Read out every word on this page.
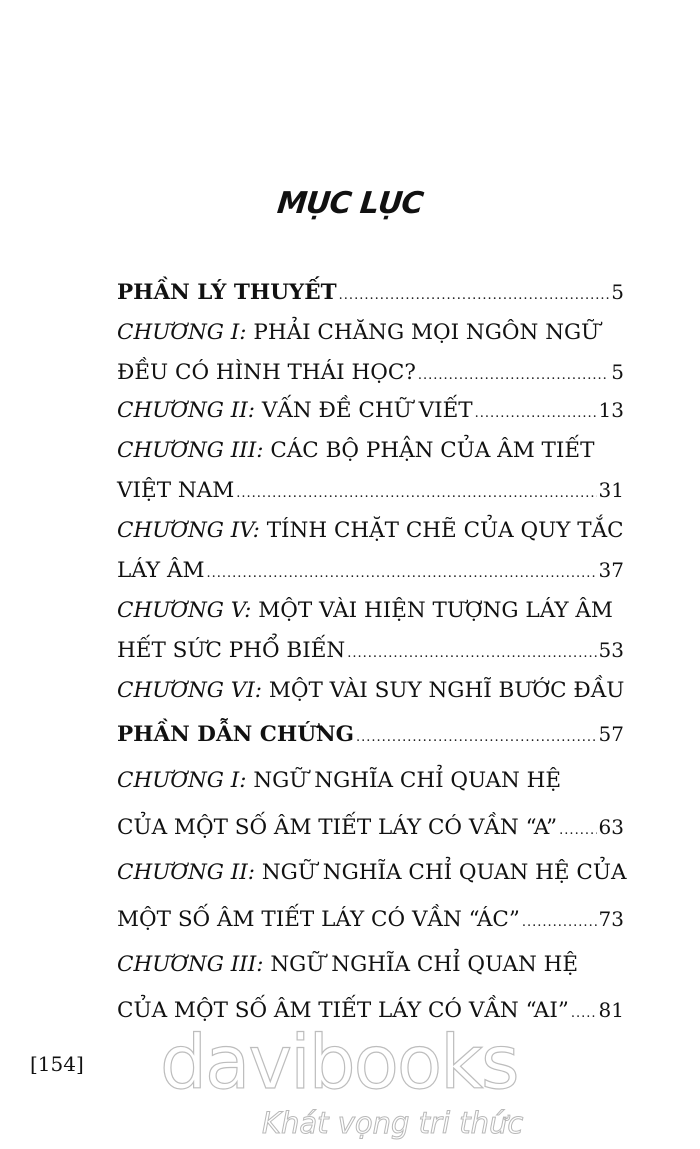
MỤC LỤC
PHẦN LÝ THUYẾT .....	5
CHƯƠNG I: PHẢI CHĂNG MỌI NGÔN NGỮ
ĐỀU CÓ HÌNH THÁI HỌC? .....	5
CHƯƠNG II: VẤN ĐỀ CHỮ VIẾT .....	13
CHƯƠNG III: CÁC BỘ PHẬN CỦA ÂM TIẾT
VIỆT NAM .....	31
CHƯƠNG IV: TÍNH CHẶT CHẼ CỦA QUY TẮC
LÁY ÂM .....	37
CHƯƠNG V: MỘT VÀI HIỆN TƯỢNG LÁY ÂM
HẾT SỨC PHỔ BIẾN .....	53
CHƯƠNG VI: MỘT VÀI SUY NGHĨ BƯỚC ĐẦU
PHẦN DẪN CHỨNG .....	57
CHƯƠNG I: NGỮ NGHĨA CHỈ QUAN HỆ
CỦA MỘT SỐ ÂM TIẾT LÁY CÓ VẦN “A” ..... 63
CHƯƠNG II: NGỮ NGHĨA CHỈ QUAN HỆ CỦA
MỘT SỐ ÂM TIẾT LÁY CÓ VẦN “ÁC” .....	73
CHƯƠNG III: NGỮ NGHĨA CHỈ QUAN HỆ
CỦA MỘT SỐ ÂM TIẾT LÁY CÓ VẦN “AI” ..... 81
[154] davibooks
Khát vọng tri thức
